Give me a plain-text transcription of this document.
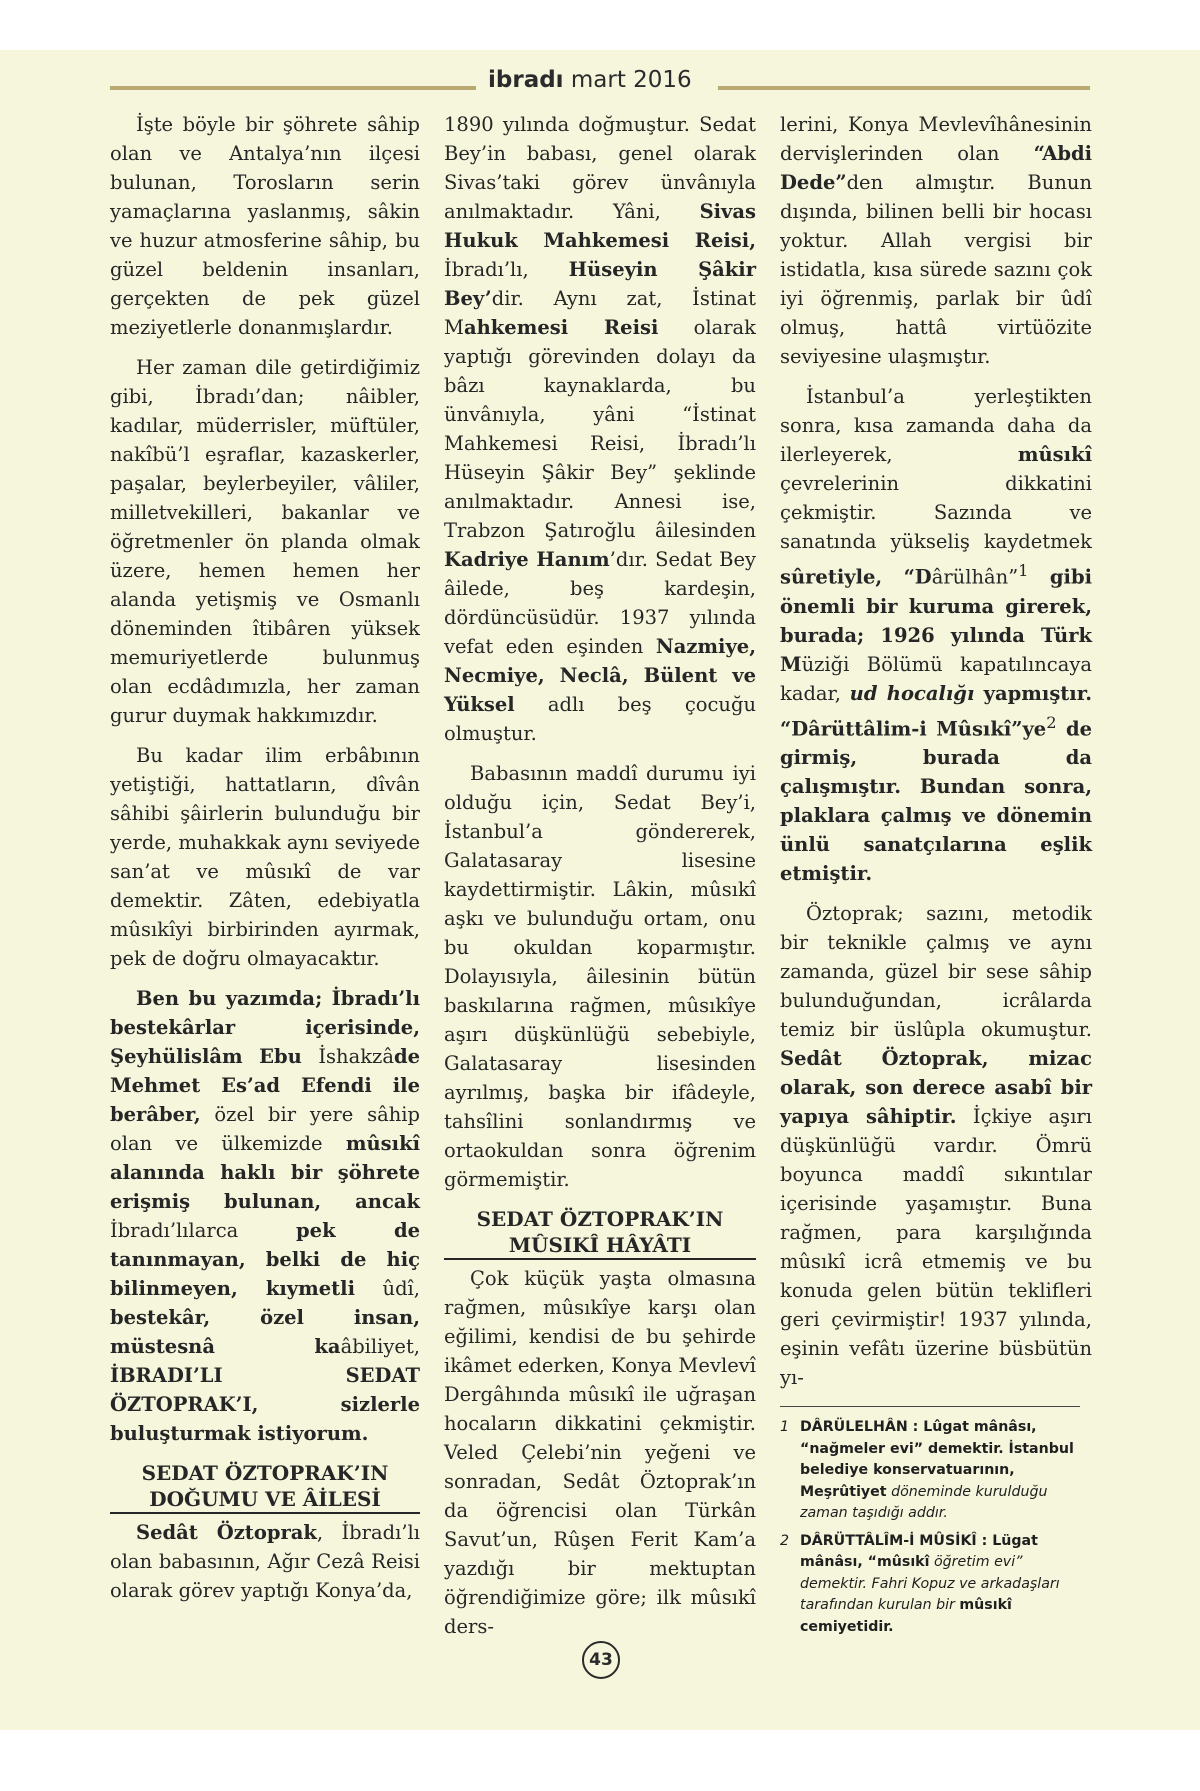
ibradı mart 2016

İşte böyle bir şöhrete sâhip olan ve Antalya’nın ilçesi bulunan, Torosların serin yamaçlarına yaslanmış, sâkin ve huzur atmosferine sâhip, bu güzel beldenin insanları, gerçekten de pek güzel meziyetlerle donanmışlardır.

Her zaman dile getirdiğimiz gibi, İbradı’dan; nâibler, kadılar, müderrisler, müftüler, nakîbü’l eşraflar, kazaskerler, paşalar, beylerbeyiler, vâliler, milletvekilleri, bakanlar ve öğretmenler ön planda olmak üzere, hemen hemen her alanda yetişmiş ve Osmanlı döneminden îtibâren yüksek memuriyetlerde bulunmuş olan ecdâdımızla, her zaman gurur duymak hakkımızdır.

Bu kadar ilim erbâbının yetiştiği, hattatların, dîvân sâhibi şâirlerin bulunduğu bir yerde, muhakkak aynı seviyede san’at ve mûsıkî de var demektir. Zâten, edebiyatla mûsıkîyi birbirinden ayırmak, pek de doğru olmayacaktır.

Ben bu yazımda; İbradı’lı bestekârlar içerisinde, Şeyhülislâm Ebu İshakzâde Mehmet Es’ad Efendi ile berâber, özel bir yere sâhip olan ve ülkemizde mûsıkî alanında haklı bir şöhrete erişmiş bulunan, ancak İbradı’lılarca pek de tanınmayan, belki de hiç bilinmeyen, kıymetli ûdî, bestekâr, özel insan, müstesnâ kaâbiliyet, İBRADI’LI SEDAT ÖZTOPRAK’I, sizlerle buluşturmak istiyorum.

SEDAT ÖZTOPRAK’IN DOĞUMU VE ÂİLESİ

Sedât Öztoprak, İbradı’lı olan babasının, Ağır Cezâ Reisi olarak görev yaptığı Konya’da,

1890 yılında doğmuştur. Sedat Bey’in babası, genel olarak Sivas’taki görev ünvânıyla anılmaktadır. Yâni, Sivas Hukuk Mahkemesi Reisi, İbradı’lı, Hüseyin Şâkir Bey’dir. Aynı zat, İstinat Mahkemesi Reisi olarak yaptığı görevinden dolayı da bâzı kaynaklarda, bu ünvânıyla, yâni “İstinat Mahkemesi Reisi, İbradı’lı Hüseyin Şâkir Bey” şeklinde anılmaktadır. Annesi ise, Trabzon Şatıroğlu âilesinden Kadriye Hanım’dır. Sedat Bey âilede, beş kardeşin, dördüncüsüdür. 1937 yılında vefat eden eşinden Nazmiye, Necmiye, Neclâ, Bülent ve Yüksel adlı beş çocuğu olmuştur.

Babasının maddî durumu iyi olduğu için, Sedat Bey’i, İstanbul’a göndererek, Galatasaray lisesine kaydettirmiştir. Lâkin, mûsıkî aşkı ve bulunduğu ortam, onu bu okuldan koparmıştır. Dolayısıyla, âilesinin bütün baskılarına rağmen, mûsıkîye aşırı düşkünlüğü sebebiyle, Galatasaray lisesinden ayrılmış, başka bir ifâdeyle, tahsîlini sonlandırmış ve ortaokuldan sonra öğrenim görmemiştir.

SEDAT ÖZTOPRAK’IN MÛSIKÎ HÂYÂTI

Çok küçük yaşta olmasına rağmen, mûsıkîye karşı olan eğilimi, kendisi de bu şehirde ikâmet ederken, Konya Mevlevî Dergâhında mûsıkî ile uğraşan hocaların dikkatini çekmiştir. Veled Çelebi’nin yeğeni ve sonradan, Sedât Öztoprak’ın da öğrencisi olan Türkân Savut’un, Rûşen Ferit Kam’a yazdığı bir mektuptan öğrendiğimize göre; ilk mûsıkî ders-

lerini, Konya Mevlevîhânesinin dervişlerinden olan “Abdi Dede”den almıştır. Bunun dışında, bilinen belli bir hocası yoktur. Allah vergisi bir istidatla, kısa sürede sazını çok iyi öğrenmiş, parlak bir ûdî olmuş, hattâ virtüözite seviyesine ulaşmıştır.

İstanbul’a yerleştikten sonra, kısa zamanda daha da ilerleyerek, mûsıkî çevrelerinin dikkatini çekmiştir. Sazında ve sanatında yükseliş kaydetmek sûretiyle, “Dârülhân”$^1$ gibi önemli bir kuruma girerek, burada; 1926 yılında Türk Müziği Bölümü kapatılıncaya kadar, ud hocalığı yapmıştır. “Dârüttâlim-i $Mûsıkî”ye^2$ de girmiş, burada da çalışmıştır. Bundan sonra, plaklara çalmış ve dönemin ünlü sanatçılarına eşlik etmiştir.

Öztoprak; sazını, metodik bir teknikle çalmış ve aynı zamanda, güzel bir sese sâhip bulunduğundan, icrâlarda temiz bir üslûpla okumuştur. Sedât Öztoprak, mizac olarak, son derece asabî bir yapıya sâhiptir. İçkiye aşırı düşkünlüğü vardır. Ömrü boyunca maddî sıkıntılar içerisinde yaşamıştır. Buna rağmen, para karşılığında mûsıkî icrâ etmemiş ve bu konuda gelen bütün teklifleri geri çevirmiştir! 1937 yılında, eşinin vefâtı üzerine büsbütün yı-

1 DÂRÜLELHÂN : Lûgat mânâsı, “nağmeler evi” demektir. İstanbul belediye konservatuarının, Meşrûtiyet döneminde kurulduğu zaman taşıdığı addır.
2 DÂRÜTTÂLÎM-İ MÛSİKÎ : Lügat mânâsı, “mûsıkî öğretim evi” demektir. Fahri Kopuz ve arkadaşları tarafından kurulan bir mûsıkî cemiyetidir.
43
